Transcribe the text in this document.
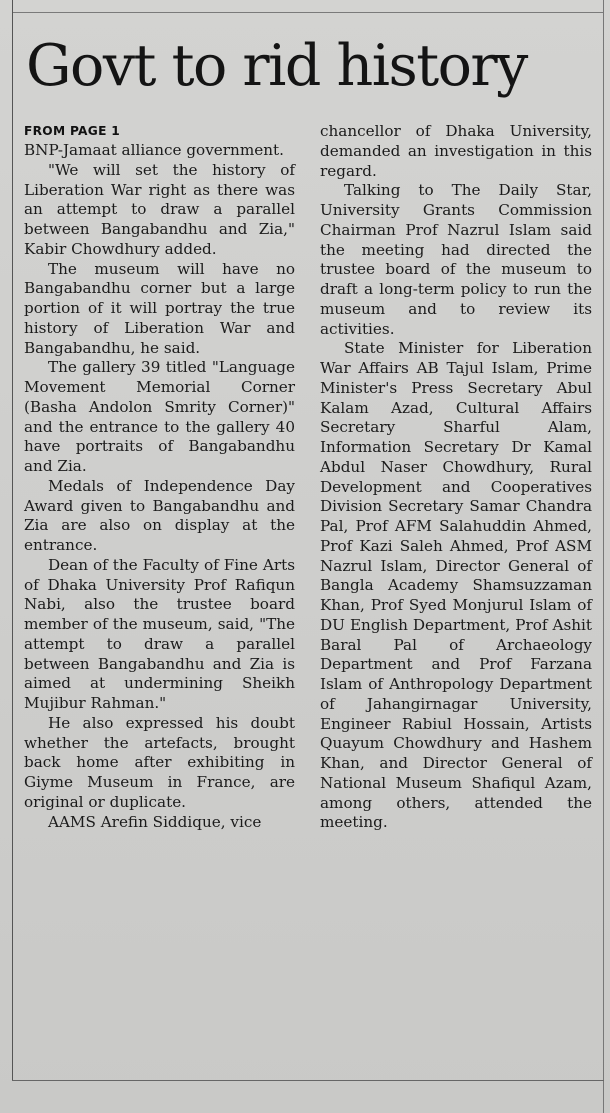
Govt to rid history
FROM PAGE 1

BNP-Jamaat alliance government.

"We will set the history of Liberation War right as there was an attempt to draw a parallel between Bangabandhu and Zia," Kabir Chowdhury added.

The museum will have no Bangabandhu corner but a large portion of it will portray the true history of Liberation War and Bangabandhu, he said.

The gallery 39 titled "Language Movement Memorial Corner (Basha Andolon Smrity Corner)" and the entrance to the gallery 40 have portraits of Bangabandhu and Zia.

Medals of Independence Day Award given to Bangabandhu and Zia are also on display at the entrance.

Dean of the Faculty of Fine Arts of Dhaka University Prof Rafiqun Nabi, also the trustee board member of the museum, said, "The attempt to draw a parallel between Bangabandhu and Zia is aimed at undermining Sheikh Mujibur Rahman."

He also expressed his doubt whether the artefacts, brought back home after exhibiting in Giyme Museum in France, are original or duplicate.

AAMS Arefin Siddique, vice

chancellor of Dhaka University, demanded an investigation in this regard.

Talking to The Daily Star, University Grants Commission Chairman Prof Nazrul Islam said the meeting had directed the trustee board of the museum to draft a long-term policy to run the museum and to review its activities.

State Minister for Liberation War Affairs AB Tajul Islam, Prime Minister's Press Secretary Abul Kalam Azad, Cultural Affairs Secretary Sharful Alam, Information Secretary Dr Kamal Abdul Naser Chowdhury, Rural Development and Cooperatives Division Secretary Samar Chandra Pal, Prof AFM Salahuddin Ahmed, Prof Kazi Saleh Ahmed, Prof ASM Nazrul Islam, Director General of Bangla Academy Shamsuzzaman Khan, Prof Syed Monjurul Islam of DU English Department, Prof Ashit Baral Pal of Archaeology Department and Prof Farzana Islam of Anthropology Department of Jahangirnagar University, Engineer Rabiul Hossain, Artists Quayum Chowdhury and Hashem Khan, and Director General of National Museum Shafiqul Azam, among others, attended the meeting.
